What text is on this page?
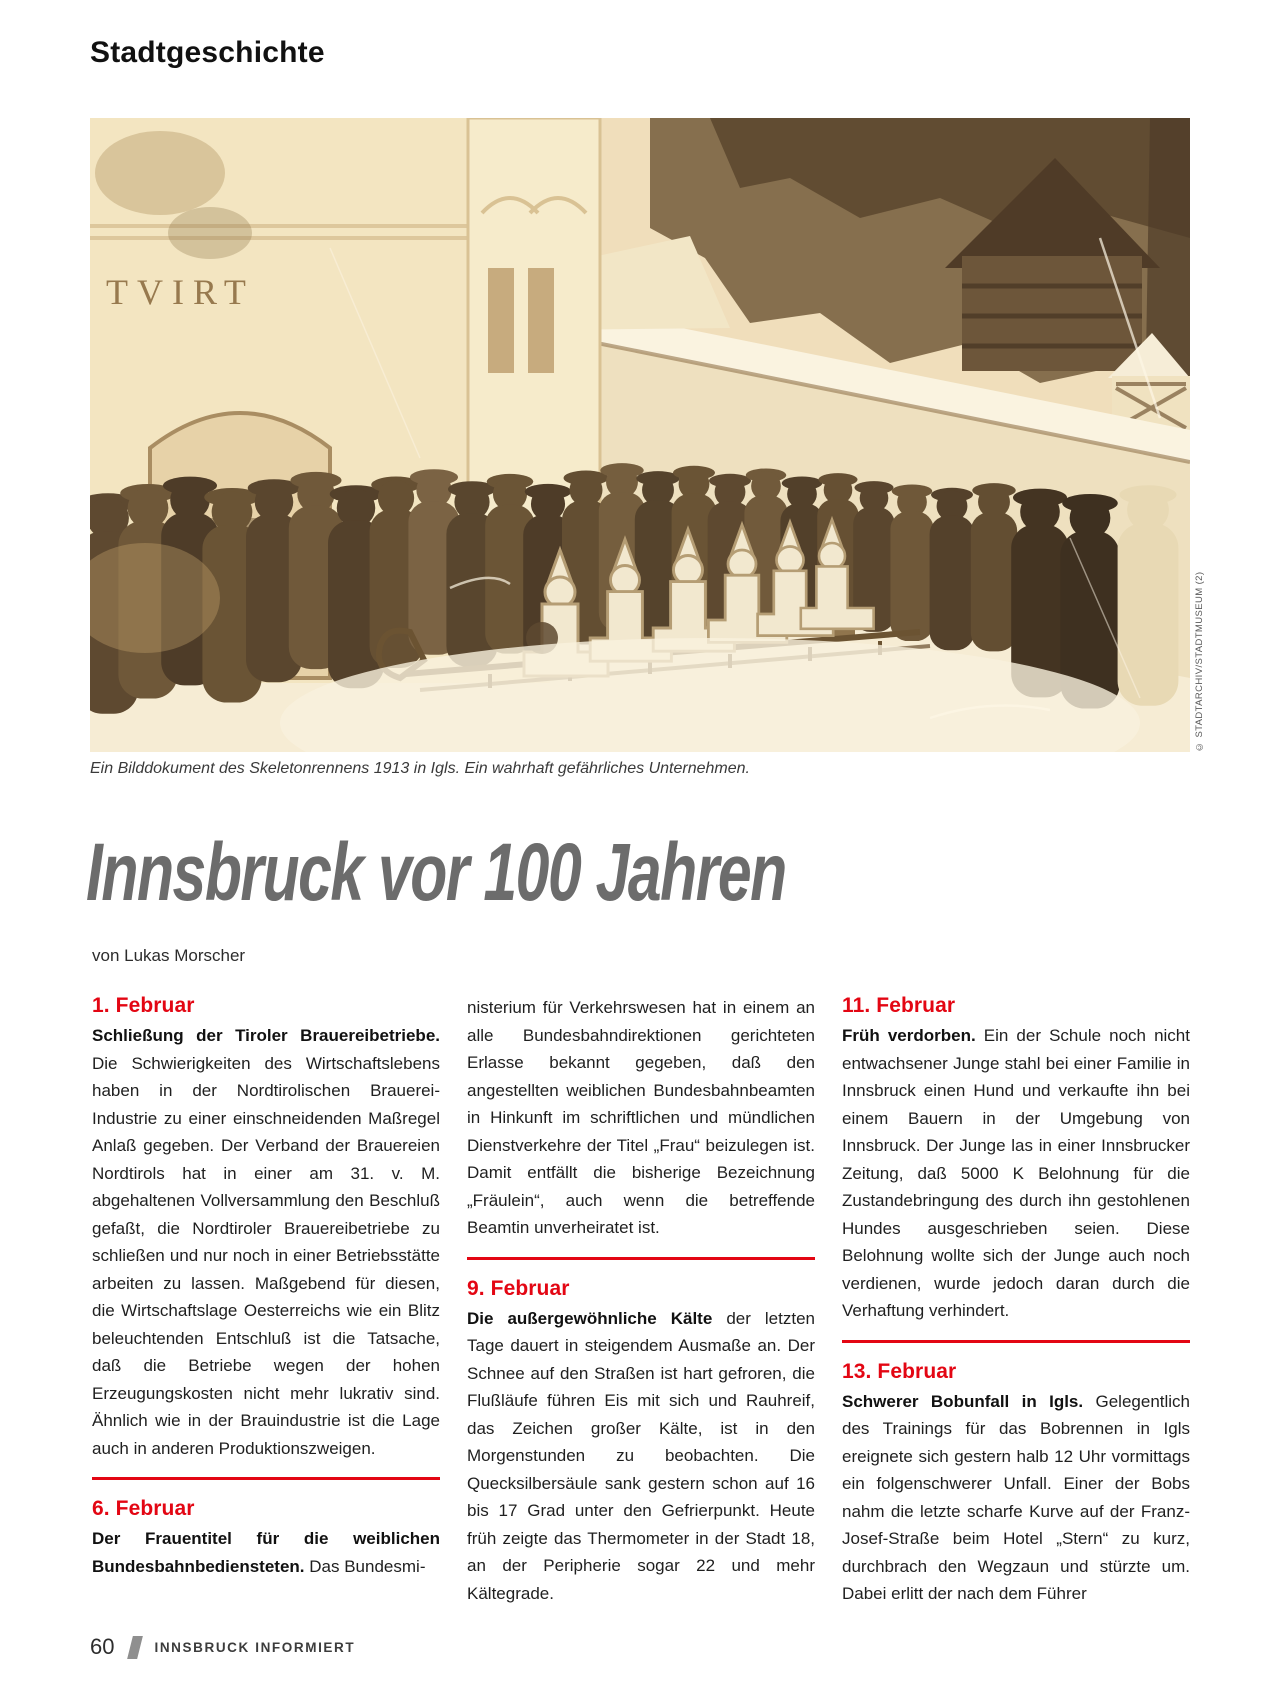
Stadtgeschichte
TVIRT
© STADTARCHIV/STADTMUSEUM (2)

Ein Bilddokument des Skeletonrennens 1913 in Igls. Ein wahrhaft gefährliches Unternehmen.

Innsbruck vor 100 Jahren

von Lukas Morscher

1. Februar

Schließung der Tiroler Brauereibetriebe. Die Schwierigkeiten des Wirtschaftslebens haben in der Nordtirolischen Brauerei-Industrie zu einer einschneidenden Maßregel Anlaß gegeben. Der Verband der Brauereien Nordtirols hat in einer am 31. v. M. abgehaltenen Vollversammlung den Beschluß gefaßt, die Nordtiroler Brauereibetriebe zu schließen und nur noch in einer Betriebsstätte arbeiten zu lassen. Maßgebend für diesen, die Wirtschaftslage Oesterreichs wie ein Blitz beleuchtenden Entschluß ist die Tatsache, daß die Betriebe wegen der hohen Erzeugungskosten nicht mehr lukrativ sind. Ähnlich wie in der Brauindustrie ist die Lage auch in anderen Produktionszweigen.

6. Februar

Der Frauentitel für die weiblichen Bundesbahnbediensteten. Das Bundesmi-

nisterium für Verkehrswesen hat in einem an alle Bundesbahndirektionen gerichteten Erlasse bekannt gegeben, daß den angestellten weiblichen Bundesbahnbeamten in Hinkunft im schriftlichen und mündlichen Dienstverkehre der Titel „Frau“ beizulegen ist. Damit entfällt die bisherige Bezeichnung „Fräulein“, auch wenn die betreffende Beamtin unverheiratet ist.

9. Februar

Die außergewöhnliche Kälte der letzten Tage dauert in steigendem Ausmaße an. Der Schnee auf den Straßen ist hart gefroren, die Flußläufe führen Eis mit sich und Rauhreif, das Zeichen großer Kälte, ist in den Morgenstunden zu beobachten. Die Quecksilbersäule sank gestern schon auf 16 bis 17 Grad unter den Gefrierpunkt. Heute früh zeigte das Thermometer in der Stadt 18, an der Peripherie sogar 22 und mehr Kältegrade.

11. Februar

Früh verdorben. Ein der Schule noch nicht entwachsener Junge stahl bei einer Familie in Innsbruck einen Hund und verkaufte ihn bei einem Bauern in der Umgebung von Innsbruck. Der Junge las in einer Innsbrucker Zeitung, daß 5000 K Belohnung für die Zustandebringung des durch ihn gestohlenen Hundes ausgeschrieben seien. Diese Belohnung wollte sich der Junge auch noch verdienen, wurde jedoch daran durch die Verhaftung verhindert.

13. Februar

Schwerer Bobunfall in Igls. Gelegentlich des Trainings für das Bobrennen in Igls ereignete sich gestern halb 12 Uhr vormittags ein folgenschwerer Unfall. Einer der Bobs nahm die letzte scharfe Kurve auf der Franz-Josef-Straße beim Hotel „Stern“ zu kurz, durchbrach den Wegzaun und stürzte um. Dabei erlitt der nach dem Führer

60	INNSBRUCK INFORMIERT
